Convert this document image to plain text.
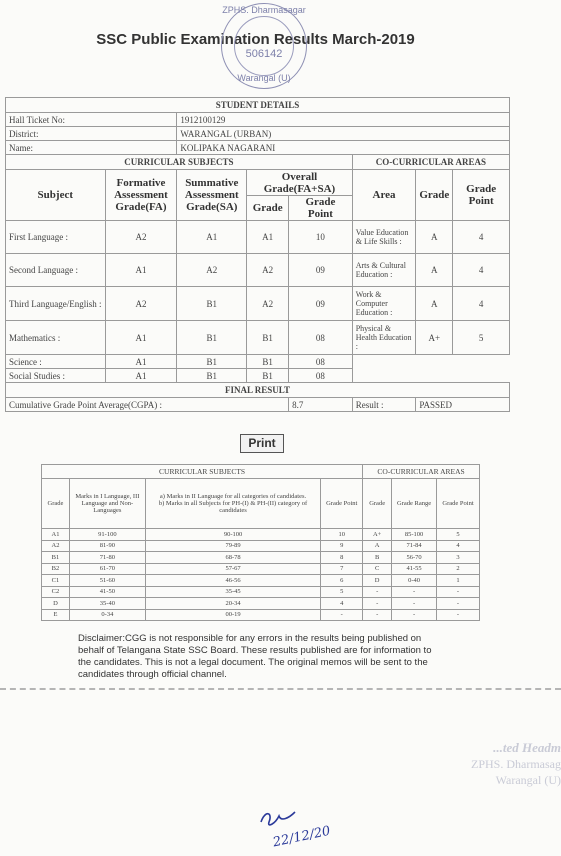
SSC Public Examination Results March-2019
ZPHS. Dharmasagar
506142
Warangal (U)
STUDENT DETAILS							
Hall Ticket No:		1912100129					
District:		WARANGAL (URBAN)					
Name:		KOLIPAKA NAGARANI					
CURRICULAR SUBJECTS					CO-CURRICULAR AREAS		
Subject	Formative Assessment Grade(FA)	Summative Assessment Grade(SA)	Overall Grade(FA+SA)		Area	Grade	Grade Point
			Grade	Grade Point			
First Language :	A2	A1	A1	10	Value Education & Life Skills :	A	4
Second Language :	A1	A2	A2	09	Arts & Cultural Education :	A	4
Third Language/English :	A2	B1	A2	09	Work & Computer Education :	A	4
Mathematics :	A1	B1	B1	08	Physical & Health Education :	A+	5
Science :	A1	B1	B1	08			
Social Studies :	A1	B1	B1	08			
FINAL RESULT							
Cumulative Grade Point Average(CGPA) :				8.7	Result :	PASSED	
Print
CURRICULAR SUBJECTS				CO-CURRICULAR AREAS		
Grade	Marks in I Language, III Language and Non-Languages	a) Marks in II Language for all categories of candidates.
b) Marks in all Subjects for PH-(I) & PH-(II) category of candidates	Grade Point	Grade	Grade Range	Grade Point
A1	91-100	90-100	10	A+	85-100	5
A2	81-90	79-89	9	A	71-84	4
B1	71-80	68-78	8	B	56-70	3
B2	61-70	57-67	7	C	41-55	2
C1	51-60	46-56	6	D	0-40	1
C2	41-50	35-45	5	-	-	-
D	35-40	20-34	4	-	-	-
E	0-34	00-19	-	-	-	-
Disclaimer:CGG is not responsible for any errors in the results being published on behalf of Telangana State SSC Board. These results published are for information to the candidates. This is not a legal document. The original memos will be sent to the candidates through official channel.
...ted Headm
ZPHS. Dharmasag
Warangal (U)
22/12/20
